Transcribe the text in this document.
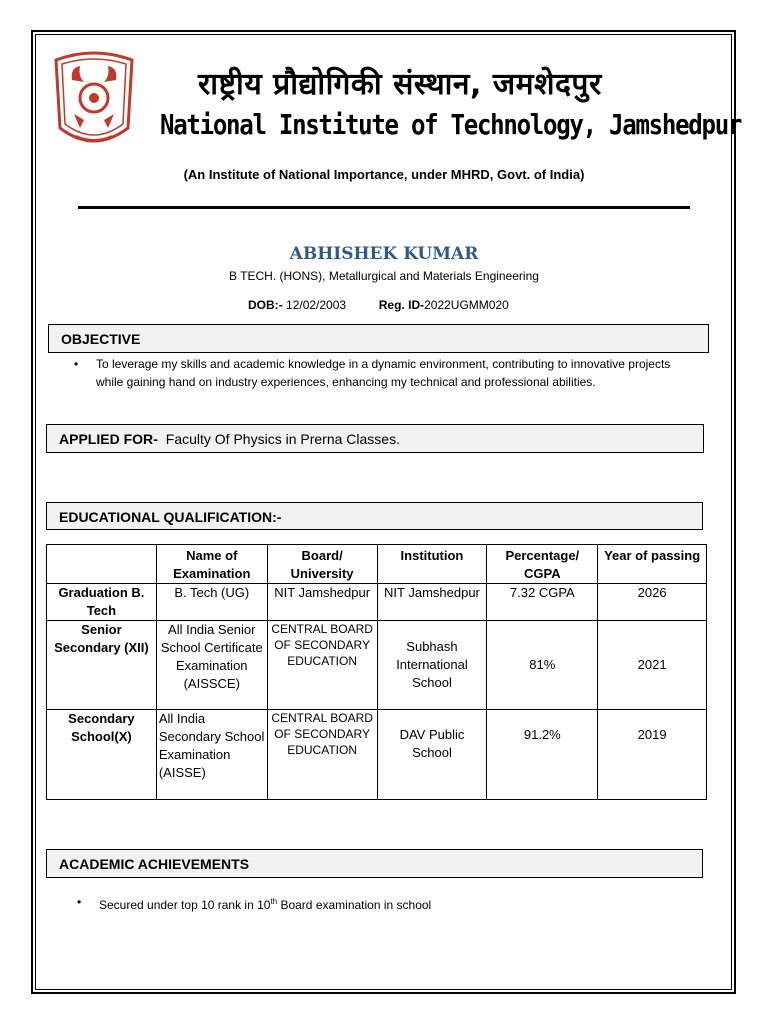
राष्ट्रीय प्रौद्योगिकी संस्थान, जमशेदपुर
National Institute of Technology, Jamshedpur
(An Institute of National Importance, under MHRD, Govt. of India)
ABHISHEK KUMAR
B TECH. (HONS), Metallurgical and Materials Engineering
DOB:- 12/02/2003	Reg. ID-2022UGMM020
OBJECTIVE
• To leverage my skills and academic knowledge in a dynamic environment, contributing to innovative projects while gaining hand on industry experiences, enhancing my technical and professional abilities.
APPLIED FOR- Faculty Of Physics in Prerna Classes.
EDUCATIONAL QUALIFICATION:-
	Name of Examination	Board/ University	Institution	Percentage/ CGPA	Year of passing
Graduation B. Tech	B. Tech (UG)	NIT Jamshedpur	NIT Jamshedpur	7.32 CGPA	2026
Senior Secondary (XII)	All India Senior School Certificate Examination (AISSCE)	CENTRAL BOARD OF SECONDARY EDUCATION	Subhash International School	81%	2021
Secondary School(X)	All India Secondary School Examination (AISSE)	CENTRAL BOARD OF SECONDARY EDUCATION	DAV Public School	91.2%	2019
ACADEMIC ACHIEVEMENTS
• Secured under top 10 rank in 10th Board examination in school
